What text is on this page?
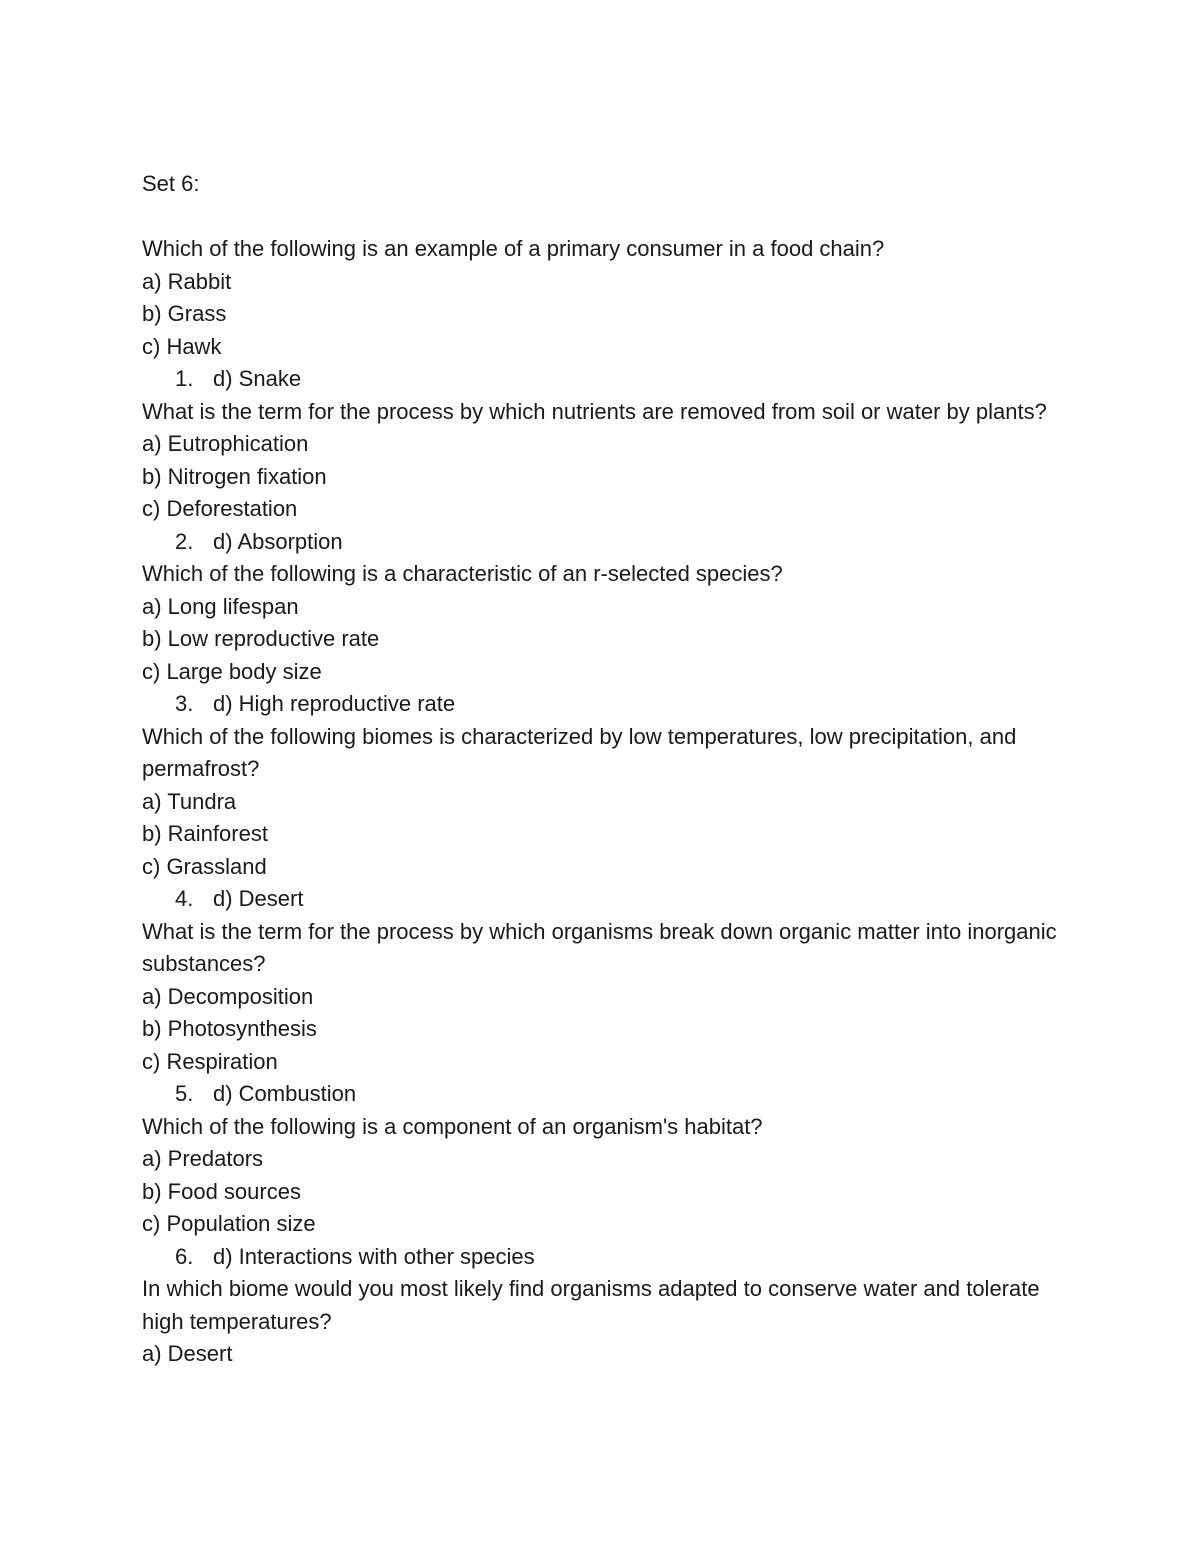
Set 6:

Which of the following is an example of a primary consumer in a food chain?

a) Rabbit

b) Grass

c) Hawk

1. d) Snake

What is the term for the process by which nutrients are removed from soil or water by plants?

a) Eutrophication

b) Nitrogen fixation

c) Deforestation

2. d) Absorption

Which of the following is a characteristic of an r-selected species?

a) Long lifespan

b) Low reproductive rate

c) Large body size

3. d) High reproductive rate

Which of the following biomes is characterized by low temperatures, low precipitation, and permafrost?

a) Tundra

b) Rainforest

c) Grassland

4. d) Desert

What is the term for the process by which organisms break down organic matter into inorganic substances?

a) Decomposition

b) Photosynthesis

c) Respiration

5. d) Combustion

Which of the following is a component of an organism's habitat?

a) Predators

b) Food sources

c) Population size

6. d) Interactions with other species

In which biome would you most likely find organisms adapted to conserve water and tolerate high temperatures?

a) Desert
